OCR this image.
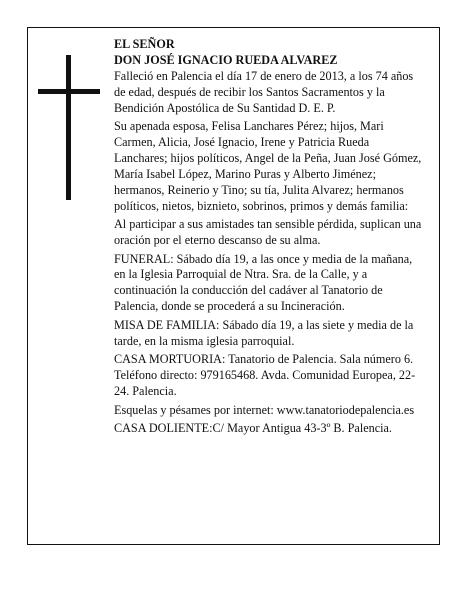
EL SEÑOR

DON JOSÉ IGNACIO RUEDA ALVAREZ

Falleció en Palencia el día 17 de enero de 2013, a los 74 años de edad, después de recibir los Santos Sacramentos y la Bendición Apostólica de Su Santidad D. E. P.

Su apenada esposa, Felisa Lanchares Pérez; hijos, Mari Carmen, Alicia, José Ignacio, Irene y Patricia Rueda Lanchares; hijos políticos, Angel de la Peña, Juan José Gómez, María Isabel López, Marino Puras y Alberto Jiménez; hermanos, Reinerio y Tino; su tía, Julita Alvarez; hermanos políticos, nietos, biznieto, sobrinos, primos y demás familia:

Al participar a sus amistades tan sensible pérdida, suplican una oración por el eterno descanso de su alma.

FUNERAL: Sábado día 19, a las once y media de la mañana, en la Iglesia Parroquial de Ntra. Sra. de la Calle, y a continuación la conducción del cadáver al Tanatorio de Palencia, donde se procederá a su Incineración.

MISA DE FAMILIA: Sábado día 19, a las siete y media de la tarde, en la misma iglesia parroquial.

CASA MORTUORIA: Tanatorio de Palencia. Sala número 6. Teléfono directo: 979165468. Avda. Comunidad Europea, 22-24. Palencia.

Esquelas y pésames por internet: www.tanatoriodepalencia.es

CASA DOLIENTE:C/ Mayor Antigua 43-3º B. Palencia.
